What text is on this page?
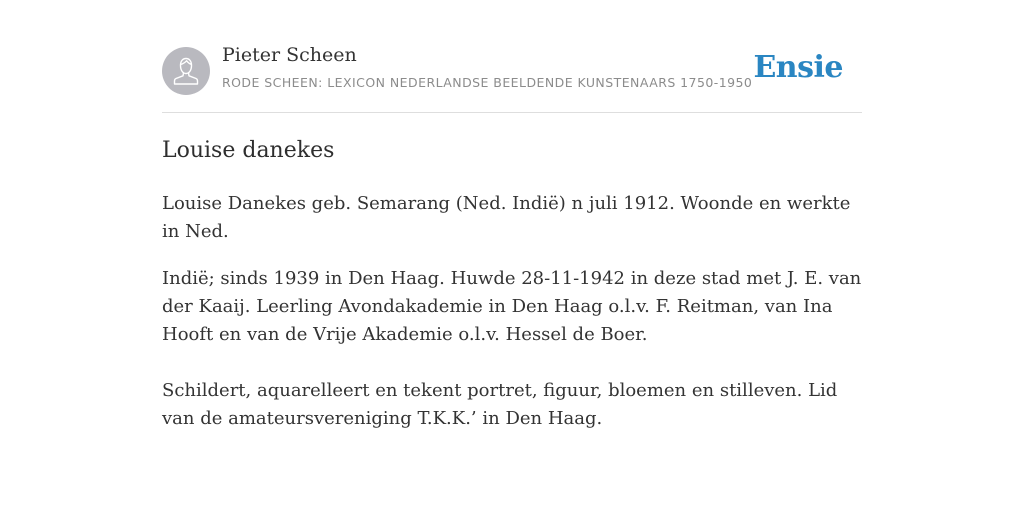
Pieter Scheen
RODE SCHEEN: LEXICON NEDERLANDSE BEELDENDE KUNSTENAARS 1750-1950 Ensie
Louise danekes

Louise Danekes geb. Semarang (Ned. Indië) n juli 1912. Woonde en werkte in Ned.

Indië; sinds 1939 in Den Haag. Huwde 28-11-1942 in deze stad met J. E. van der Kaaij. Leerling Avondakademie in Den Haag o.l.v. F. Reitman, van Ina Hooft en van de Vrije Akademie o.l.v. Hessel de Boer.

Schildert, aquarelleert en tekent portret, figuur, bloemen en stilleven. Lid van de amateursvereniging T.K.K.’ in Den Haag.
